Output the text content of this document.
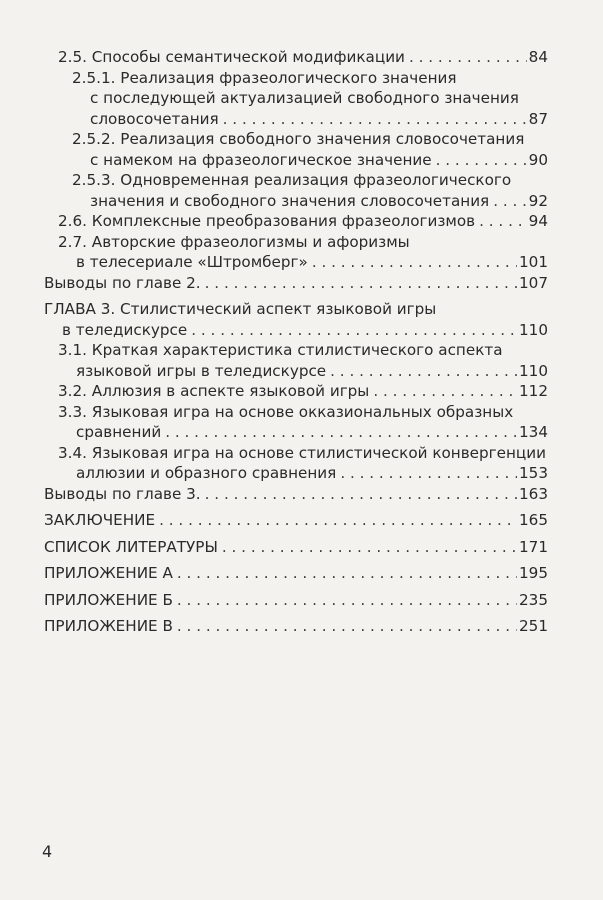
2.5. Способы семантической модификации . . .	84
2.5.1. Реализация фразеологического значения
с последующей актуализацией свободного значения
словосочетания . . .	87
2.5.2. Реализация свободного значения словосочетания
с намеком на фразеологическое значение . . .	90
2.5.3. Одновременная реализация фразеологического
значения и свободного значения словосочетания . . .	92
2.6. Комплексные преобразования фразеологизмов . . .	94
2.7. Авторские фразеологизмы и афоризмы
в телесериале «Штромберг» . . .	101
Выводы по главе 2. . . .	107
ГЛАВА 3. Стилистический аспект языковой игры
в теледискурсе . . .	110
3.1. Краткая характеристика стилистического аспекта
языковой игры в теледискурсе . . .	110
3.2. Аллюзия в аспекте языковой игры . . .	112
3.3. Языковая игра на основе окказиональных образных
сравнений . . .	134
3.4. Языковая игра на основе стилистической конвергенции
аллюзии и образного сравнения . . .	153
Выводы по главе 3. . . .	163
ЗАКЛЮЧЕНИЕ . . .	165
СПИСОК ЛИТЕРАТУРЫ . . .	171
ПРИЛОЖЕНИЕ А . . .	195
ПРИЛОЖЕНИЕ Б . . .	235
ПРИЛОЖЕНИЕ В . . .	251
4
